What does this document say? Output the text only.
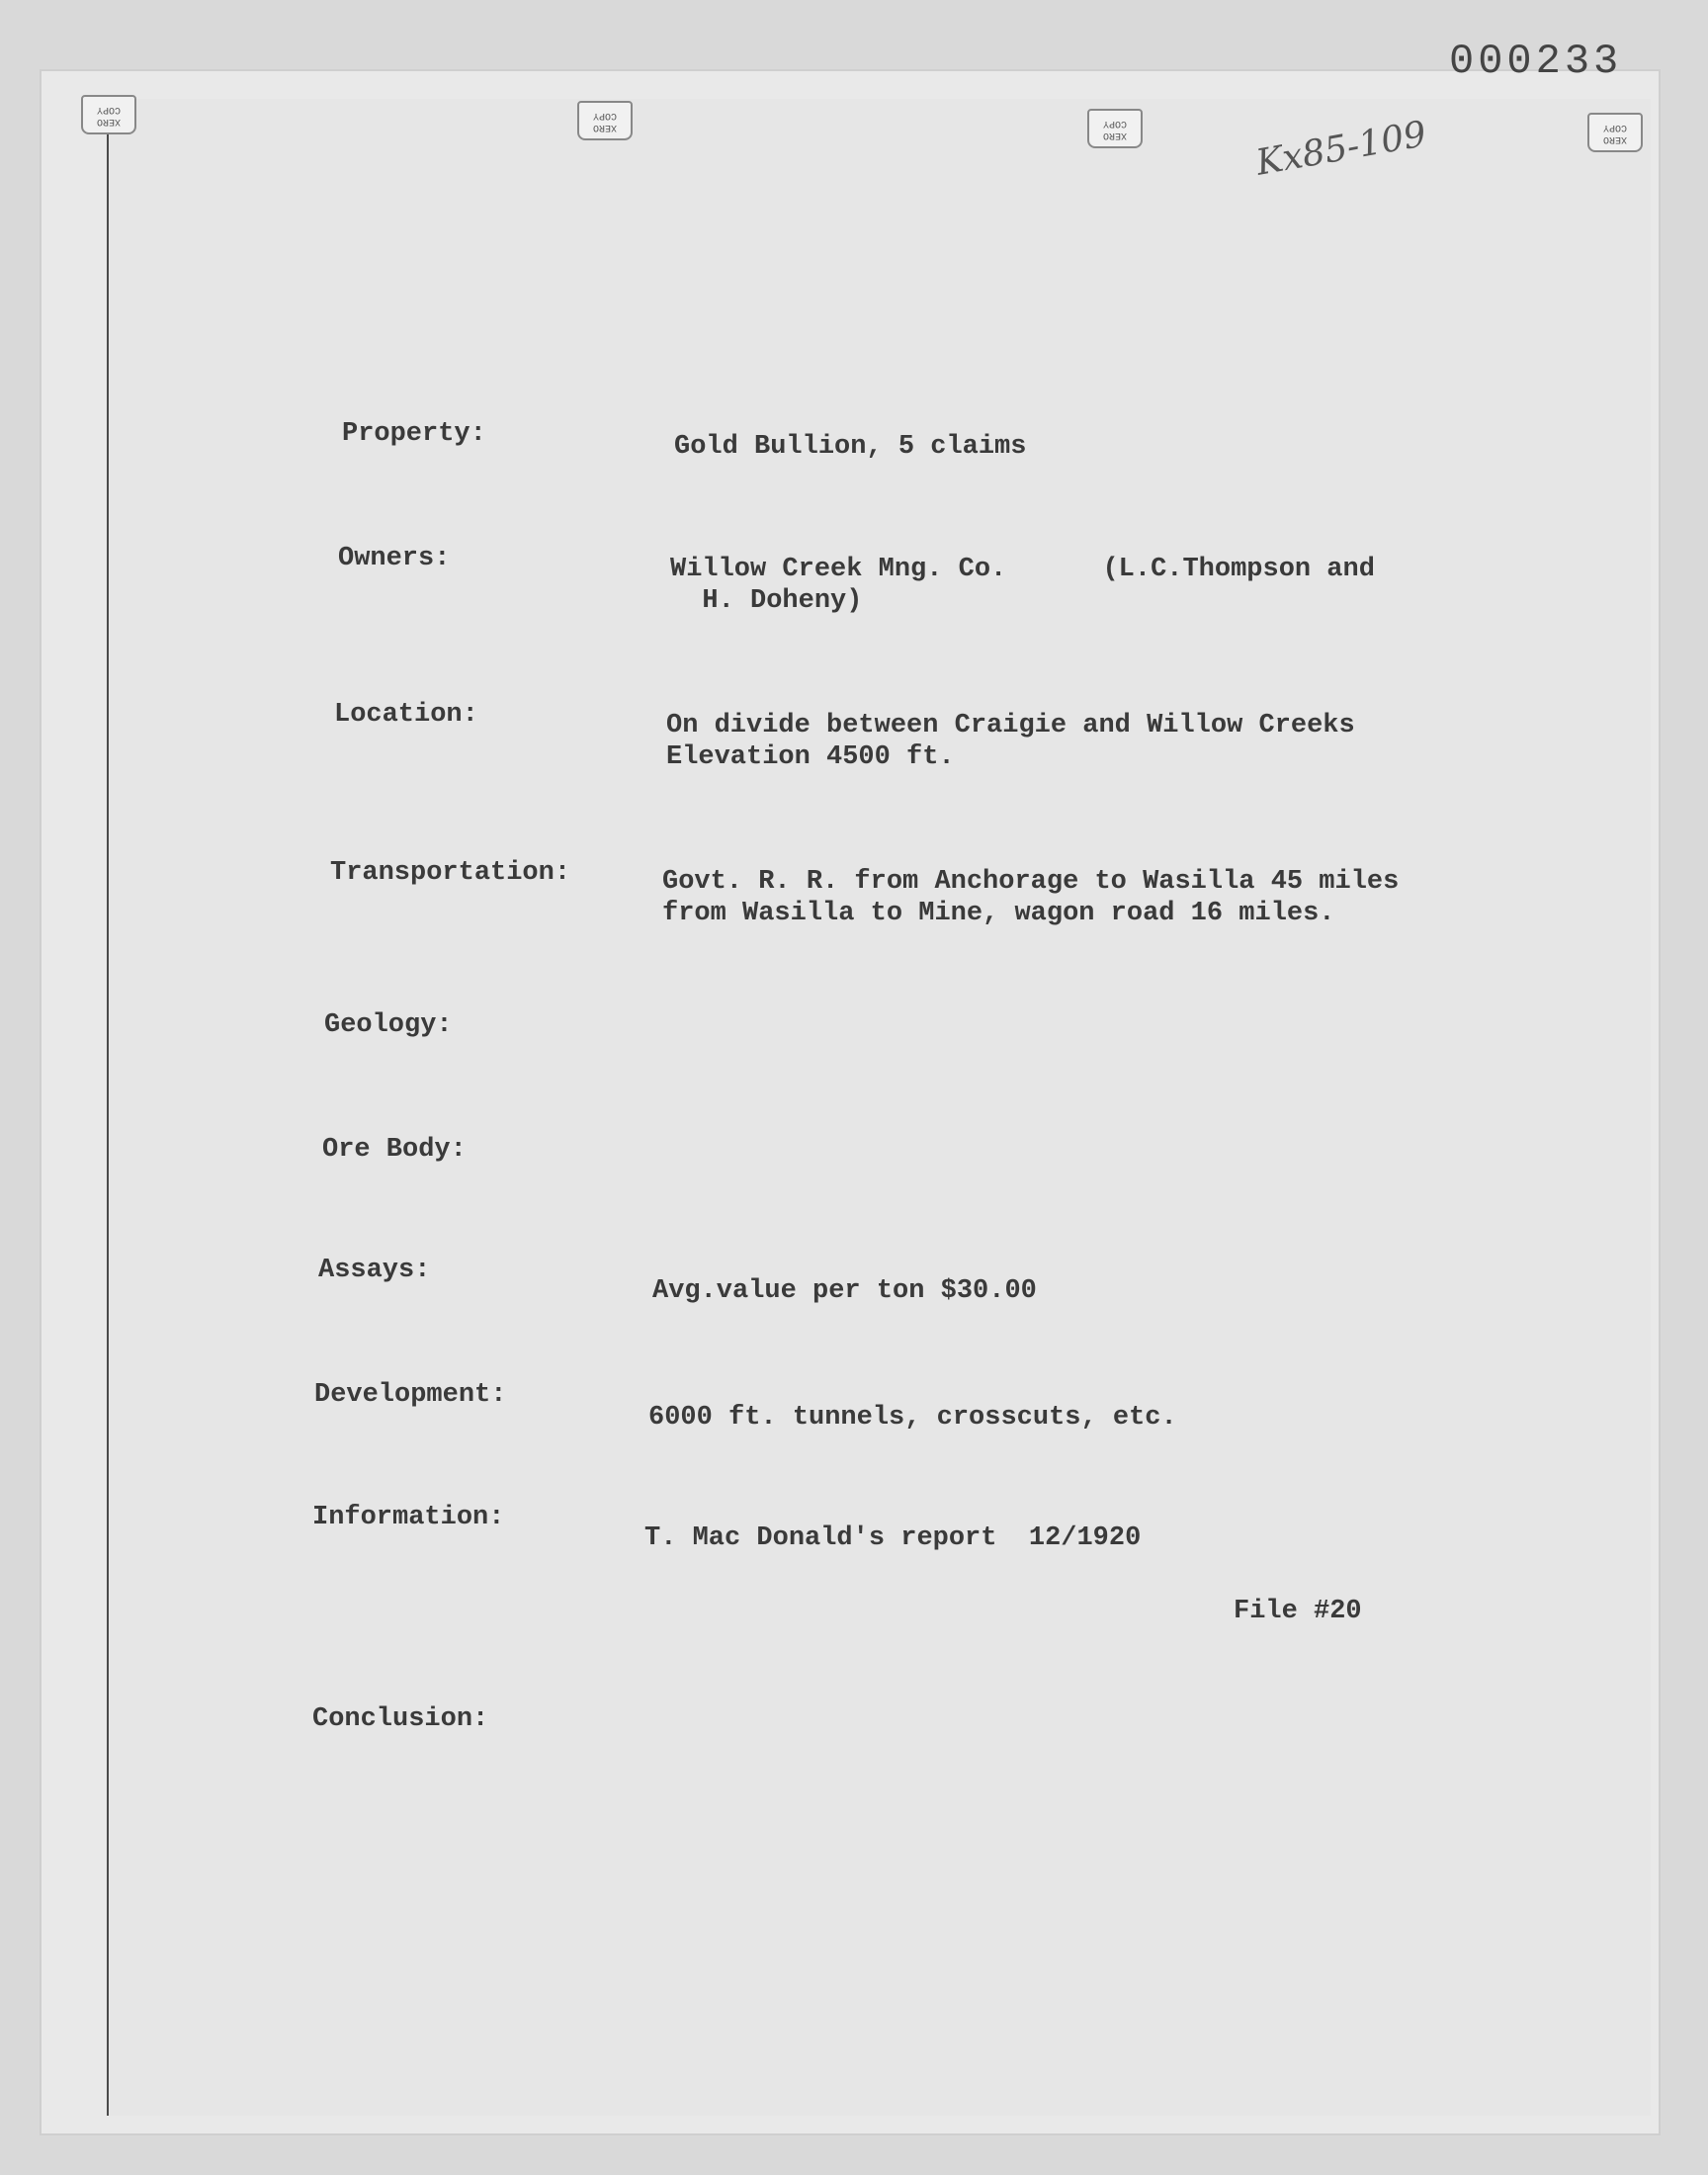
XERO COPY
XERO COPY
XERO COPY
XERO COPY
000233
Kx85-109
Property:	Gold Bullion, 5 claims
Owners:	Willow Creek Mng. Co.      (L.C.Thompson and
H. Doheny)
Location:	On divide between Craigie and Willow Creeks
Elevation 4500 ft.
Transportation:	Govt. R. R. from Anchorage to Wasilla 45 miles
from Wasilla to Mine, wagon road 16 miles.
Geology:
Ore Body:
Assays:
Avg.value per ton $30.00
Development:
6000 ft. tunnels, crosscuts, etc.
Information:
T. Mac Donald's report  12/1920
File #20
Conclusion:
